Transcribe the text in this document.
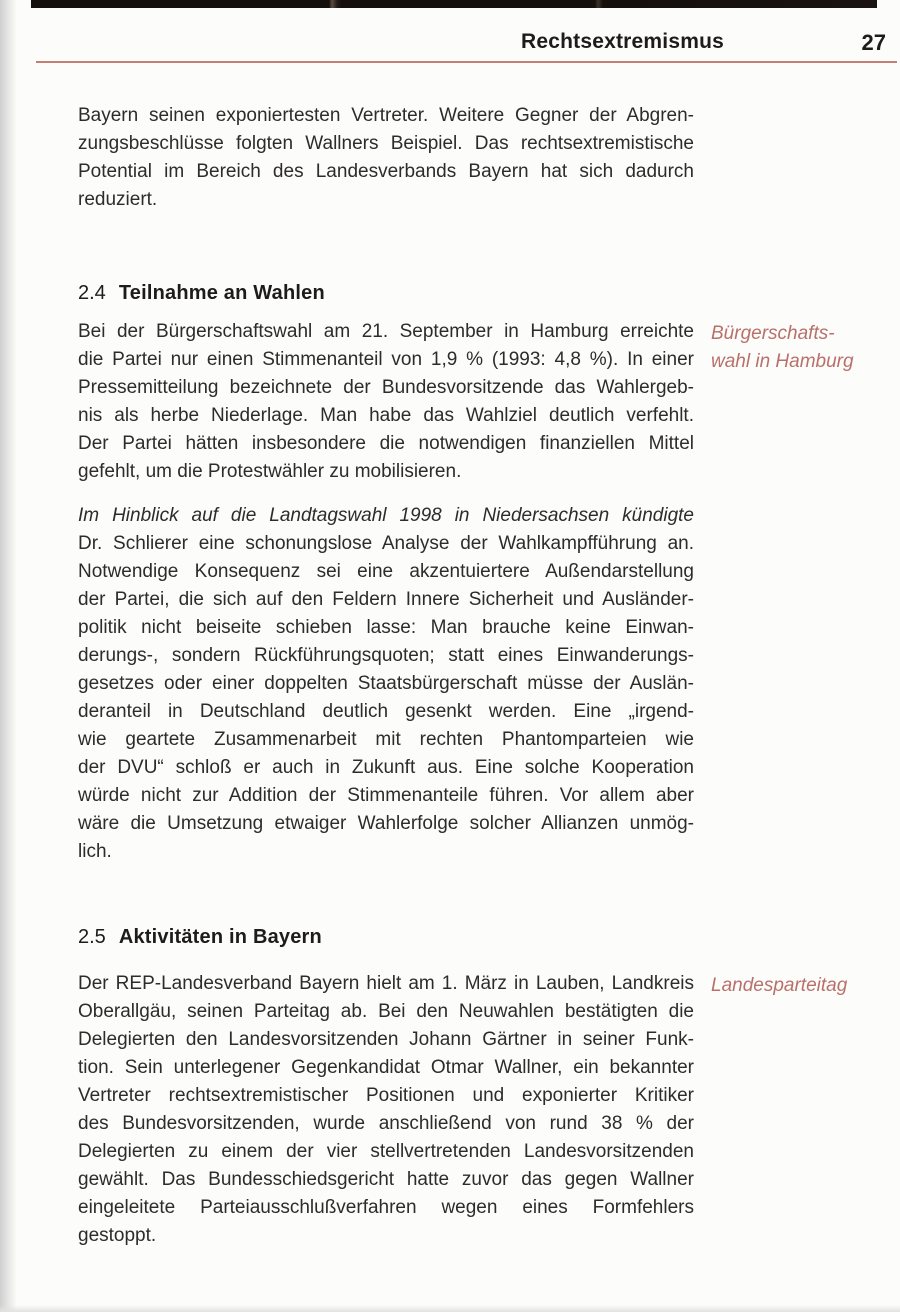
Rechtsextremismus	27
Bayern seinen exponiertesten Vertreter. Weitere Gegner der Abgren-
zungsbeschlüsse folgten Wallners Beispiel. Das rechtsextremistische
Potential im Bereich des Landesverbands Bayern hat sich dadurch
reduziert.
2.4 Teilnahme an Wahlen
Bei der Bürgerschaftswahl am 21. September in Hamburg erreichte
die Partei nur einen Stimmenanteil von 1,9 % (1993: 4,8 %). In einer
Pressemitteilung bezeichnete der Bundesvorsitzende das Wahlergeb-
nis als herbe Niederlage. Man habe das Wahlziel deutlich verfehlt.
Der Partei hätten insbesondere die notwendigen finanziellen Mittel
gefehlt, um die Protestwähler zu mobilisieren.
Bürgerschafts-
wahl in Hamburg
Im Hinblick auf die Landtagswahl 1998 in Niedersachsen kündigte
Dr. Schlierer eine schonungslose Analyse der Wahlkampfführung an.
Notwendige Konsequenz sei eine akzentuiertere Außendarstellung
der Partei, die sich auf den Feldern Innere Sicherheit und Ausländer-
politik nicht beiseite schieben lasse: Man brauche keine Einwan-
derungs-, sondern Rückführungsquoten; statt eines Einwanderungs-
gesetzes oder einer doppelten Staatsbürgerschaft müsse der Auslän-
deranteil in Deutschland deutlich gesenkt werden. Eine „irgend-
wie geartete Zusammenarbeit mit rechten Phantomparteien wie
der DVU“ schloß er auch in Zukunft aus. Eine solche Kooperation
würde nicht zur Addition der Stimmenanteile führen. Vor allem aber
wäre die Umsetzung etwaiger Wahlerfolge solcher Allianzen unmög-
lich.
2.5 Aktivitäten in Bayern
Der REP-Landesverband Bayern hielt am 1. März in Lauben, Landkreis
Oberallgäu, seinen Parteitag ab. Bei den Neuwahlen bestätigten die
Delegierten den Landesvorsitzenden Johann Gärtner in seiner Funk-
tion. Sein unterlegener Gegenkandidat Otmar Wallner, ein bekannter
Vertreter rechtsextremistischer Positionen und exponierter Kritiker
des Bundesvorsitzenden, wurde anschließend von rund 38 % der
Delegierten zu einem der vier stellvertretenden Landesvorsitzenden
gewählt. Das Bundesschiedsgericht hatte zuvor das gegen Wallner
eingeleitete Parteiausschlußverfahren wegen eines Formfehlers
gestoppt.
Landesparteitag
